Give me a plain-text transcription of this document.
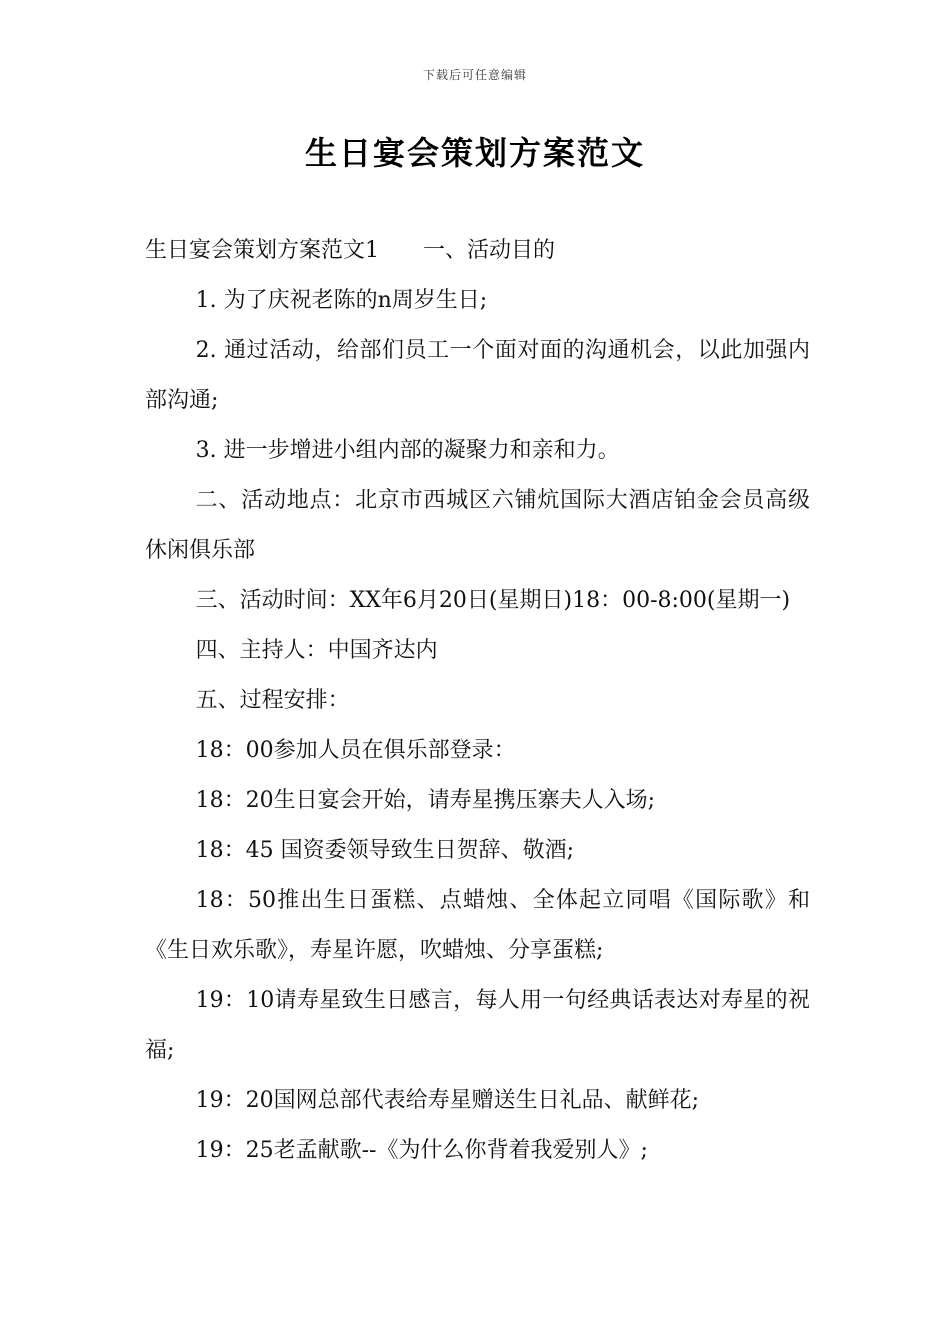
下载后可任意编辑
生日宴会策划方案范文

生日宴会策划方案范文1 一、活动目的

1. 为了庆祝老陈的n周岁生日;

2. 通过活动，给部们员工一个面对面的沟通机会，以此加强内部沟通;

3. 进一步增进小组内部的凝聚力和亲和力。

二、活动地点：北京市西城区六铺炕国际大酒店铂金会员高级休闲俱乐部

三、活动时间：XX年6月20日(星期日)18：00-8:00(星期一)

四、主持人：中国齐达内

五、过程安排：

18：00参加人员在俱乐部登录：

18：20生日宴会开始，请寿星携压寨夫人入场;

18：45 国资委领导致生日贺辞、敬酒;

18：50推出生日蛋糕、点蜡烛、全体起立同唱《国际歌》和《生日欢乐歌》，寿星许愿，吹蜡烛、分享蛋糕;

19：10请寿星致生日感言，每人用一句经典话表达对寿星的祝福;

19：20国网总部代表给寿星赠送生日礼品、献鲜花;

19：25老孟献歌--《为什么你背着我爱别人》;
